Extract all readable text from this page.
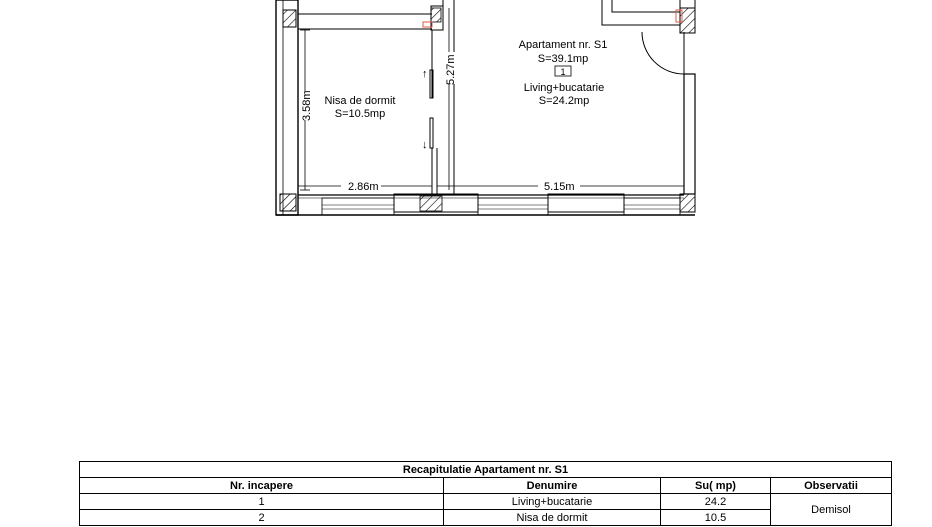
2.86m	5.15m
3.58m
5.27m
Apartament nr. S1
S=39.1mp
1
Living+bucatarie
S=24.2mp
Nisa de dormit
S=10.5mp
↑
↓
Recapitulatie Apartament nr. S1			
Nr. incapere	Denumire	Su( mp)	Observatii
1	Living+bucatarie	24.2	Demisol
2	Nisa de dormit	10.5	
